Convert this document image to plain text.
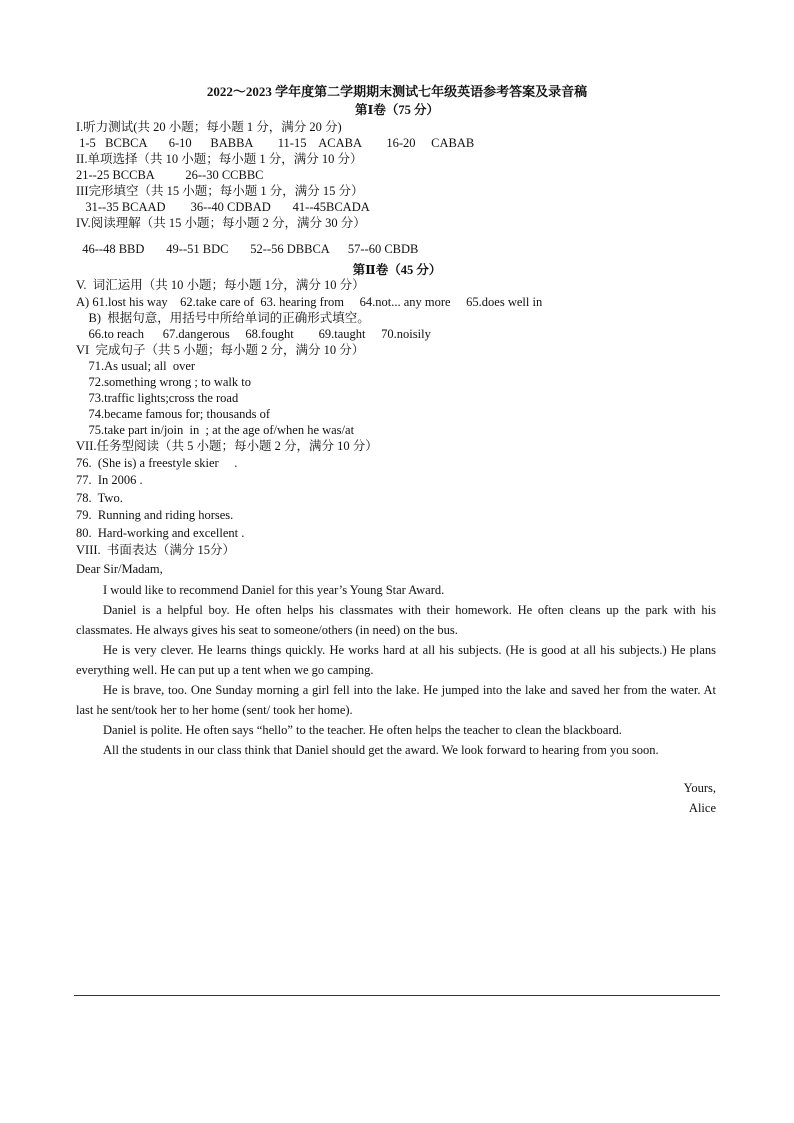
2022～2023 学年度第二学期期末测试七年级英语参考答案及录音稿
第Ⅰ卷（75 分）
I.听力测试(共 20 小题；每小题 1 分，满分 20 分)
1-5   BCBCA       6-10      BABBA        11-15    ACABA        16-20     CABAB
II.单项选择（共 10 小题；每小题 1 分，满分 10 分）
21--25 BCCBA          26--30 CCBBC
III完形填空（共 15 小题；每小题 1 分，满分 15 分）
31--35 BCAAD        36--40 CDBAD       41--45BCADA
IV.阅读理解（共 15 小题；每小题 2 分，满分 30 分）
46--48 BBD       49--51 BDC       52--56 DBBCA      57--60 CBDB
第Ⅱ卷（45 分）
V.  词汇运用（共 10 小题；每小题 1分，满分 10 分）
A) 61.lost his way    62.take care of  63. hearing from     64.not... any more     65.does well in
B)  根据句意，用括号中所给单词的正确形式填空。
66.to reach      67.dangerous     68.fought        69.taught     70.noisily
VI  完成句子（共 5 小题；每小题 2 分，满分 10 分）
71.As usual; all  over
72.something wrong ; to walk to
73.traffic lights;cross the road
74.became famous for; thousands of
75.take part in/join  in  ; at the age of/when he was/at
VII.任务型阅读（共 5 小题；每小题 2 分，满分 10 分）
76.  (She is) a freestyle skier     .
77.  In 2006 .
78.  Two.
79.  Running and riding horses.
80.  Hard-working and excellent .
VIII.  书面表达（满分 15分）
Dear Sir/Madam,
I would like to recommend Daniel for this year’s Young Star Award.
Daniel is a helpful boy. He often helps his classmates with their homework. He often cleans up the park with his classmates. He always gives his seat to someone/others (in need) on the bus.
He is very clever. He learns things quickly. He works hard at all his subjects. (He is good at all his subjects.) He plans everything well. He can put up a tent when we go camping.
He is brave, too. One Sunday morning a girl fell into the lake. He jumped into the lake and saved her from the water. At last he sent/took her to her home (sent/ took her home).
Daniel is polite. He often says “hello” to the teacher. He often helps the teacher to clean the blackboard.
All the students in our class think that Daniel should get the award. We look forward to hearing from you soon.
Yours,
Alice
